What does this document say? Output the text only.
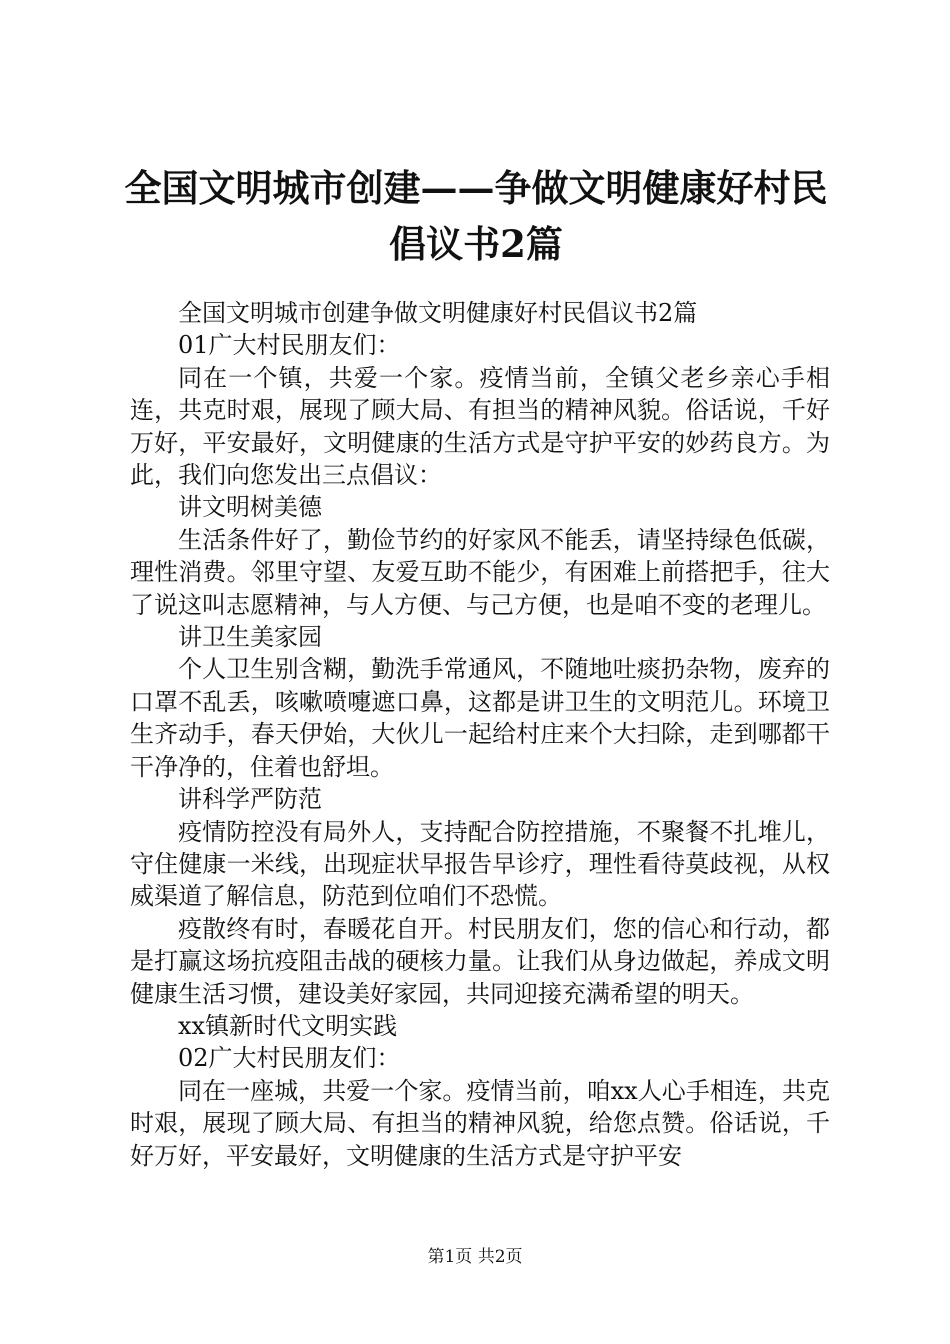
全国文明城市创建——争做文明健康好村民倡议书2篇

全国文明城市创建争做文明健康好村民倡议书2篇

01广大村民朋友们：

同在一个镇，共爱一个家。疫情当前，全镇父老乡亲心手相连，共克时艰，展现了顾大局、有担当的精神风貌。俗话说，千好万好，平安最好，文明健康的生活方式是守护平安的妙药良方。为此，我们向您发出三点倡议：

讲文明树美德

生活条件好了，勤俭节约的好家风不能丢，请坚持绿色低碳，理性消费。邻里守望、友爱互助不能少，有困难上前搭把手，往大了说这叫志愿精神，与人方便、与己方便，也是咱不变的老理儿。

讲卫生美家园

个人卫生别含糊，勤洗手常通风，不随地吐痰扔杂物，废弃的口罩不乱丢，咳嗽喷嚏遮口鼻，这都是讲卫生的文明范儿。环境卫生齐动手，春天伊始，大伙儿一起给村庄来个大扫除，走到哪都干干净净的，住着也舒坦。

讲科学严防范

疫情防控没有局外人，支持配合防控措施，不聚餐不扎堆儿，守住健康一米线，出现症状早报告早诊疗，理性看待莫歧视，从权威渠道了解信息，防范到位咱们不恐慌。

疫散终有时，春暖花自开。村民朋友们，您的信心和行动，都是打赢这场抗疫阻击战的硬核力量。让我们从身边做起，养成文明健康生活习惯，建设美好家园，共同迎接充满希望的明天。

xx镇新时代文明实践

02广大村民朋友们：

同在一座城，共爱一个家。疫情当前，咱xx人心手相连，共克时艰，展现了顾大局、有担当的精神风貌，给您点赞。俗话说，千好万好，平安最好，文明健康的生活方式是守护平安

第1页 共2页
